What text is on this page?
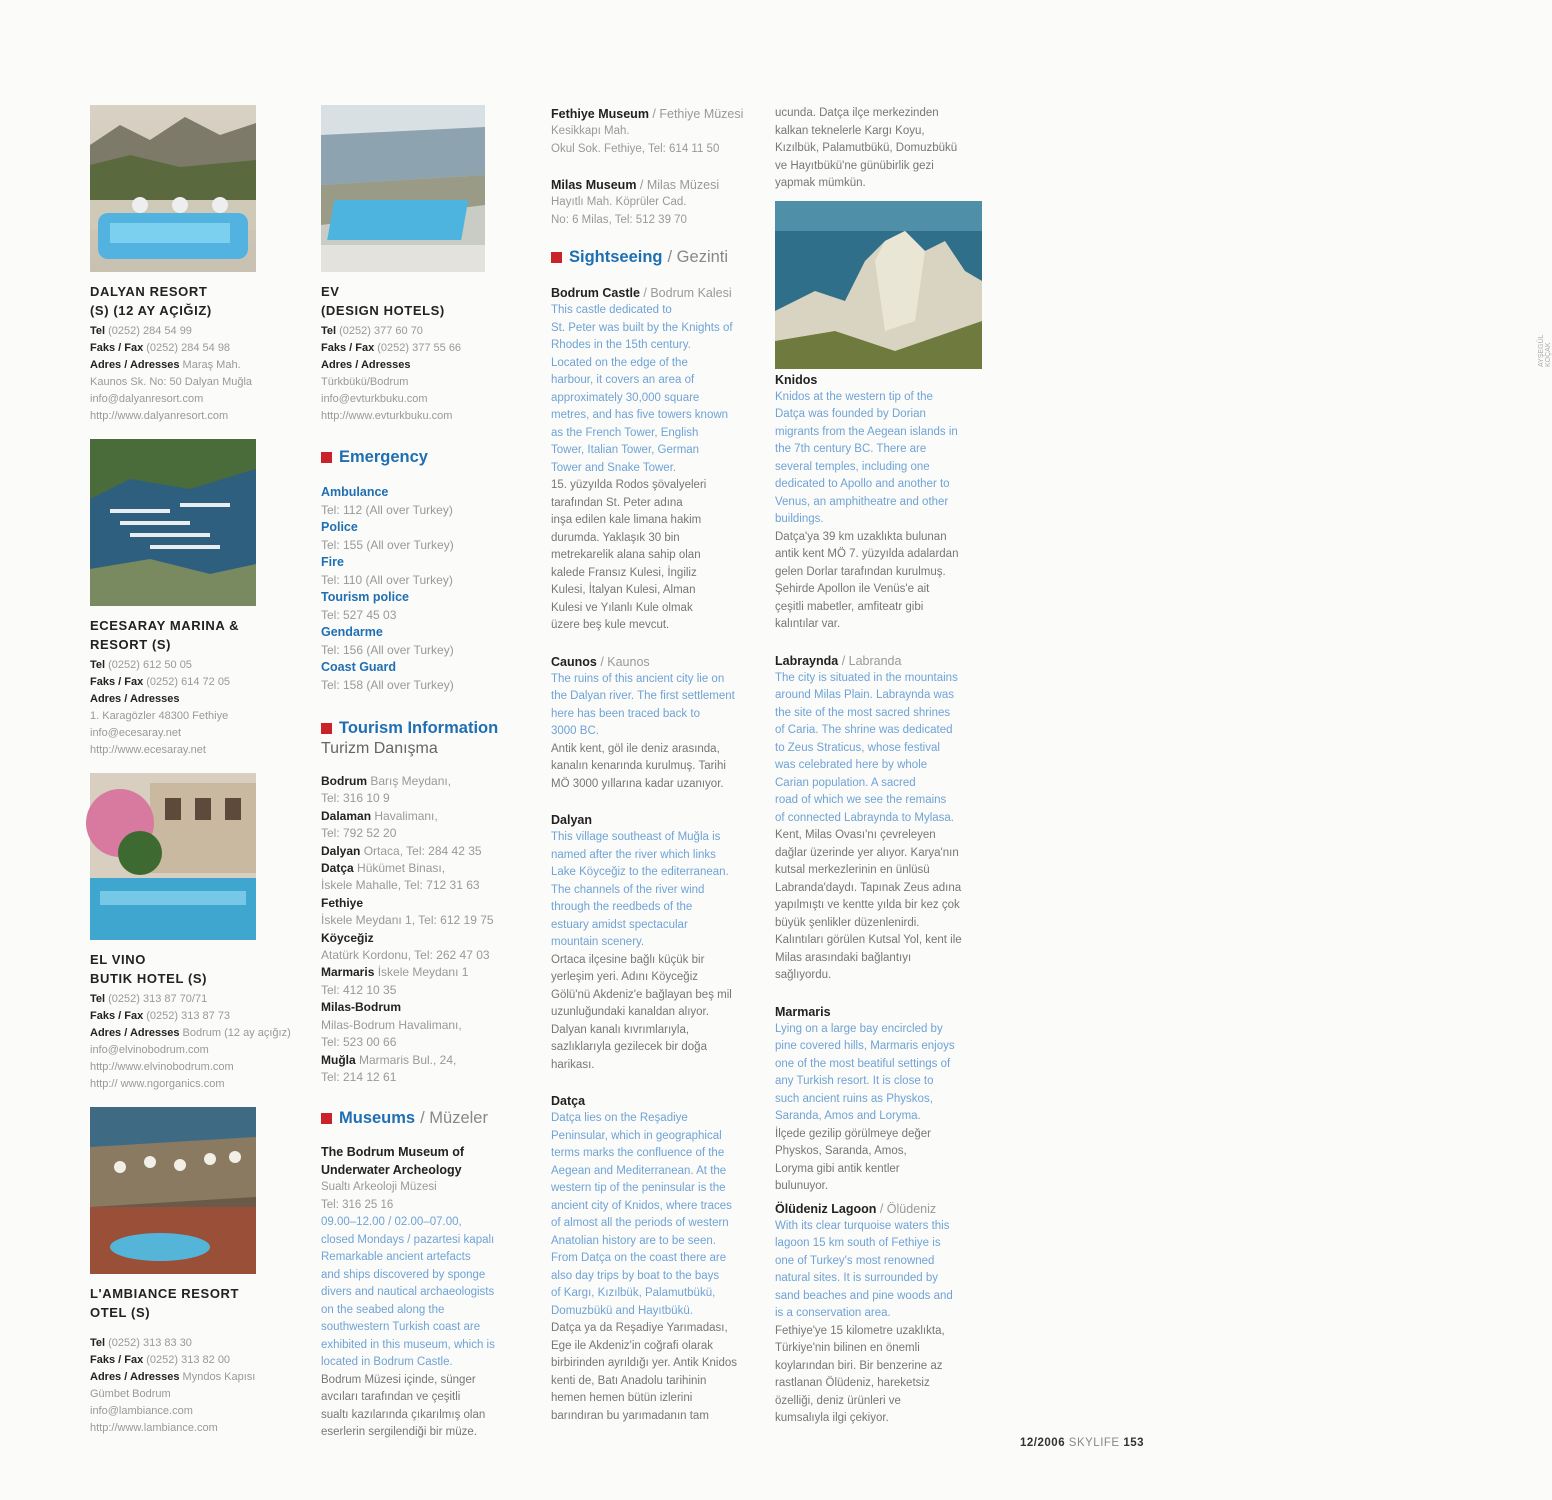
DALYAN RESORT
(S) (12 AY AÇIĞIZ)
Tel (0252) 284 54 99
Faks / Fax (0252) 284 54 98
Adres / Adresses Maraş Mah.
Kaunos Sk. No: 50 Dalyan Muğla
info@dalyanresort.com
http://www.dalyanresort.com
ECESARAY MARINA &
RESORT (S)
Tel (0252) 612 50 05
Faks / Fax (0252) 614 72 05
Adres / Adresses
1. Karagözler 48300 Fethiye
info@ecesaray.net
http://www.ecesaray.net
EL VINO
BUTIK HOTEL (S)
Tel (0252) 313 87 70/71
Faks / Fax (0252) 313 87 73
Adres / Adresses Bodrum (12 ay açığız)
info@elvinobodrum.com
http://www.elvinobodrum.com
http:// www.ngorganics.com
L'AMBIANCE RESORT
OTEL (S)
Tel (0252) 313 83 30
Faks / Fax (0252) 313 82 00
Adres / Adresses Myndos Kapısı
Gümbet Bodrum
info@lambiance.com
http://www.lambiance.com
EV
(DESIGN HOTELS)
Tel (0252) 377 60 70
Faks / Fax (0252) 377 55 66
Adres / Adresses
Türkbükü/Bodrum
info@evturkbuku.com
http://www.evturkbuku.com
Emergency
Ambulance
Tel: 112 (All over Turkey)
Police
Tel: 155 (All over Turkey)
Fire
Tel: 110 (All over Turkey)
Tourism police
Tel: 527 45 03
Gendarme
Tel: 156 (All over Turkey)
Coast Guard
Tel: 158 (All over Turkey)
Tourism Information
Turizm Danışma
Bodrum Barış Meydanı,
Tel: 316 10 9
Dalaman Havalimanı,
Tel: 792 52 20
Dalyan Ortaca, Tel: 284 42 35
Datça Hükümet Binası,
İskele Mahalle, Tel: 712 31 63
Fethiye
İskele Meydanı 1, Tel: 612 19 75
Köyceğiz
Atatürk Kordonu, Tel: 262 47 03
Marmaris İskele Meydanı 1
Tel: 412 10 35
Milas-Bodrum
Milas-Bodrum Havalimanı,
Tel: 523 00 66
Muğla Marmaris Bul., 24,
Tel: 214 12 61
Museums / Müzeler
The Bodrum Museum of
Underwater Archeology
Sualtı Arkeoloji Müzesi
Tel: 316 25 16
09.00–12.00 / 02.00–07.00,
closed Mondays / pazartesi kapalı
Remarkable ancient artefacts
and ships discovered by sponge
divers and nautical archaeologists
on the seabed along the
southwestern Turkish coast are
exhibited in this museum, which is
located in Bodrum Castle.
Bodrum Müzesi içinde, sünger
avcıları tarafından ve çeşitli
sualtı kazılarında çıkarılmış olan
eserlerin sergilendiği bir müze.
Fethiye Museum / Fethiye Müzesi
Kesikkapı Mah.
Okul Sok. Fethiye, Tel: 614 11 50
Milas Museum / Milas Müzesi
Hayıtlı Mah. Köprüler Cad.
No: 6 Milas, Tel: 512 39 70
Sightseeing / Gezinti
Bodrum Castle / Bodrum Kalesi
This castle dedicated to
St. Peter was built by the Knights of
Rhodes in the 15th century.
Located on the edge of the
harbour, it covers an area of
approximately 30,000 square
metres, and has five towers known
as the French Tower, English
Tower, Italian Tower, German
Tower and Snake Tower.
15. yüzyılda Rodos şövalyeleri
tarafından St. Peter adına
inşa edilen kale limana hakim
durumda. Yaklaşık 30 bin
metrekarelik alana sahip olan
kalede Fransız Kulesi, İngiliz
Kulesi, İtalyan Kulesi, Alman
Kulesi ve Yılanlı Kule olmak
üzere beş kule mevcut.
Caunos / Kaunos
The ruins of this ancient city lie on
the Dalyan river. The first settlement
here has been traced back to
3000 BC.
Antik kent, göl ile deniz arasında,
kanalın kenarında kurulmuş. Tarihi
MÖ 3000 yıllarına kadar uzanıyor.
Dalyan
This village southeast of Muğla is
named after the river which links
Lake Köyceğiz to the editerranean.
The channels of the river wind
through the reedbeds of the
estuary amidst spectacular
mountain scenery.
Ortaca ilçesine bağlı küçük bir
yerleşim yeri. Adını Köyceğiz
Gölü'nü Akdeniz'e bağlayan beş mil
uzunluğundaki kanaldan alıyor.
Dalyan kanalı kıvrımlarıyla,
sazlıklarıyla gezilecek bir doğa
harikası.
Datça
Datça lies on the Reşadiye
Peninsular, which in geographical
terms marks the confluence of the
Aegean and Mediterranean. At the
western tip of the peninsular is the
ancient city of Knidos, where traces
of almost all the periods of western
Anatolian history are to be seen.
From Datça on the coast there are
also day trips by boat to the bays
of Kargı, Kızılbük, Palamutbükü,
Domuzbükü and Hayıtbükü.
Datça ya da Reşadiye Yarımadası,
Ege ile Akdeniz'in coğrafi olarak
birbirinden ayrıldığı yer. Antik Knidos
kenti de, Batı Anadolu tarihinin
hemen hemen bütün izlerini
barındıran bu yarımadanın tam
ucunda. Datça ilçe merkezinden
kalkan teknelerle Kargı Koyu,
Kızılbük, Palamutbükü, Domuzbükü
ve Hayıtbükü'ne günübirlik gezi
yapmak mümkün.
AYŞEGÜL KOÇAK
Knidos
Knidos at the western tip of the
Datça was founded by Dorian
migrants from the Aegean islands in
the 7th century BC. There are
several temples, including one
dedicated to Apollo and another to
Venus, an amphitheatre and other
buildings.
Datça'ya 39 km uzaklıkta bulunan
antik kent MÖ 7. yüzyılda adalardan
gelen Dorlar tarafından kurulmuş.
Şehirde Apollon ile Venüs'e ait
çeşitli mabetler, amfiteatr gibi
kalıntılar var.
Labraynda / Labranda
The city is situated in the mountains
around Milas Plain. Labraynda was
the site of the most sacred shrines
of Caria. The shrine was dedicated
to Zeus Straticus, whose festival
was celebrated here by whole
Carian population. A sacred
road of which we see the remains
of connected Labraynda to Mylasa.
Kent, Milas Ovası'nı çevreleyen
dağlar üzerinde yer alıyor. Karya'nın
kutsal merkezlerinin en ünlüsü
Labranda'daydı. Tapınak Zeus adına
yapılmıştı ve kentte yılda bir kez çok
büyük şenlikler düzenlenirdi.
Kalıntıları görülen Kutsal Yol, kent ile
Milas arasındaki bağlantıyı
sağlıyordu.
Marmaris
Lying on a large bay encircled by
pine covered hills, Marmaris enjoys
one of the most beatiful settings of
any Turkish resort. It is close to
such ancient ruins as Physkos,
Saranda, Amos and Loryma.
İlçede gezilip görülmeye değer
Physkos, Saranda, Amos,
Loryma gibi antik kentler
bulunuyor.
Ölüdeniz Lagoon / Ölüdeniz
With its clear turquoise waters this
lagoon 15 km south of Fethiye is
one of Turkey's most renowned
natural sites. It is surrounded by
sand beaches and pine woods and
is a conservation area.
Fethiye'ye 15 kilometre uzaklıkta,
Türkiye'nin bilinen en önemli
koylarından biri. Bir benzerine az
rastlanan Ölüdeniz, hareketsiz
özelliği, deniz ürünleri ve
kumsalıyla ilgi çekiyor.
12/2006 SKYLIFE 153
